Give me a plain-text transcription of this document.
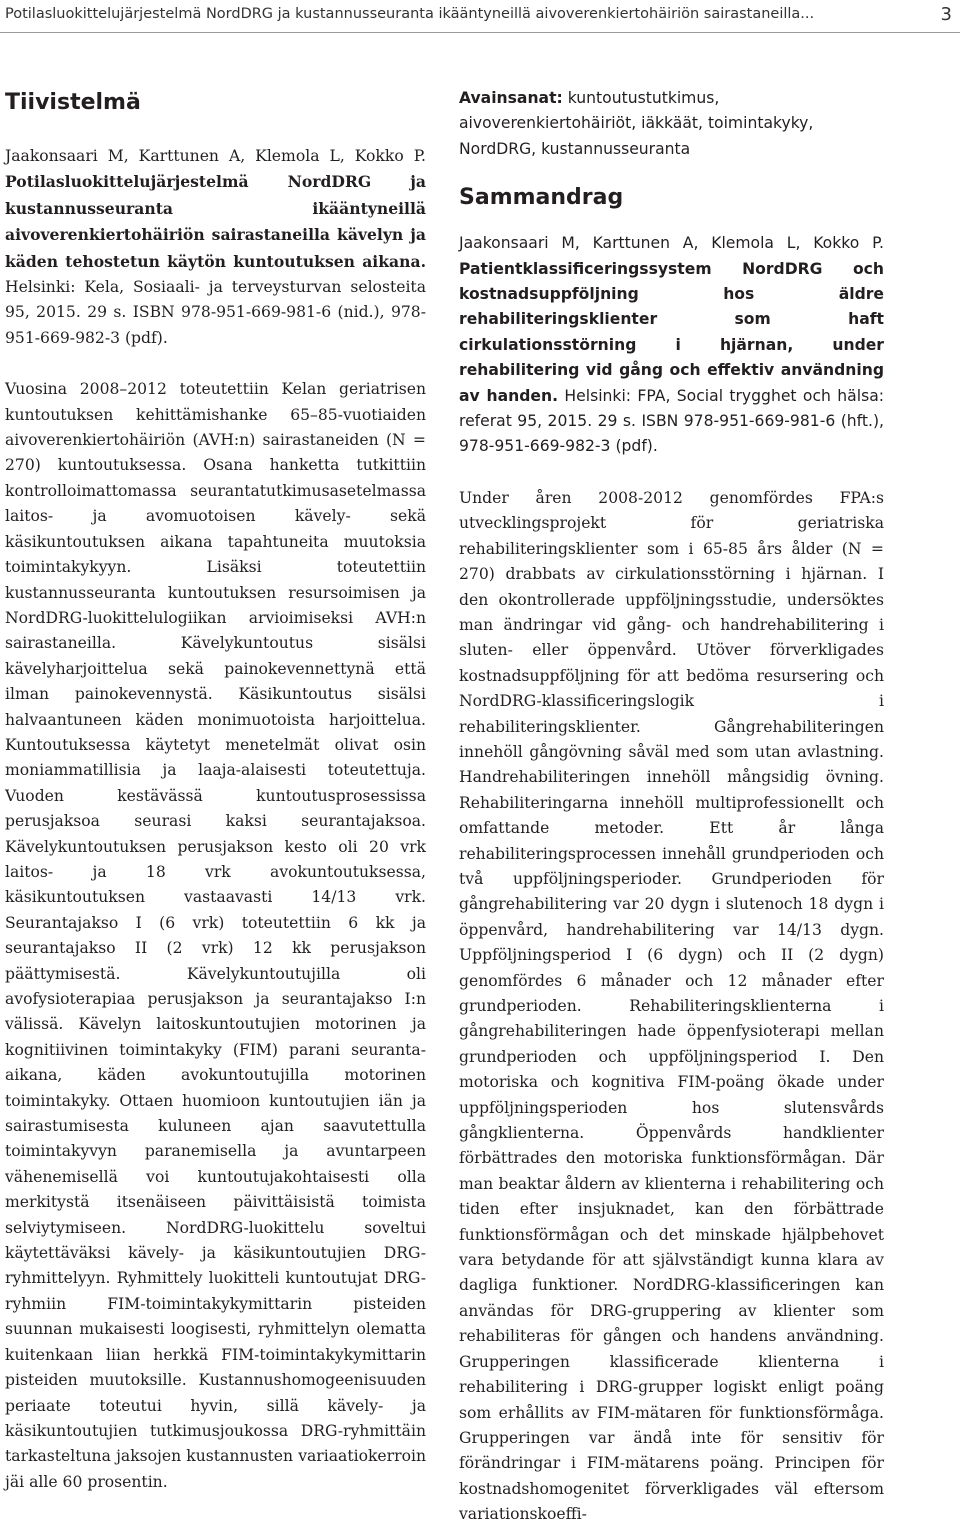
Potilasluokittelujärjestelmä NordDRG ja kustannusseuranta ikääntyneillä aivoverenkiertohäiriön sairastaneilla...	3
Tiivistelmä

Jaakonsaari M, Karttunen A, Klemola L, Kokko P. Potilasluokittelujärjestelmä NordDRG ja kustannusseuranta ikääntyneillä aivoverenkiertohäiriön sairastaneilla kävelyn ja käden tehostetun käytön kuntoutuksen aikana. Helsinki: Kela, Sosiaali- ja terveysturvan selosteita 95, 2015. 29 s. ISBN 978-951-669-981-6 (nid.), 978-951-669-982-3 (pdf).

Vuosina 2008–2012 toteutettiin Kelan geriatrisen kuntoutuksen kehittämishanke 65–85-vuotiaiden aivoverenkiertohäiriön (AVH:n) sairastaneiden (N = 270) kuntoutuksessa. Osana hanketta tutkittiin kontrolloimattomassa seurantatutkimusasetelmassa laitos- ja avomuotoisen kävely- sekä käsikuntoutuksen aikana tapahtuneita muutoksia toimintakykyyn. Lisäksi toteutettiin kustannusseuranta kuntoutuksen resursoimisen ja NordDRG-luokittelulogiikan arvioimiseksi AVH:n sairastaneilla. Kävelykuntoutus sisälsi kävelyharjoittelua sekä painokevennettynä että ilman painokevennystä. Käsikuntoutus sisälsi halvaantuneen käden monimuotoista harjoittelua. Kuntoutuksessa käytetyt menetelmät olivat osin moniammatillisia ja laaja-alaisesti toteutettuja. Vuoden kestävässä kuntoutusprosessissa perusjaksoa seurasi kaksi seurantajaksoa. Kävelykuntoutuksen perusjakson kesto oli 20 vrk laitos- ja 18 vrk avokuntoutuksessa, käsikuntoutuksen vastaavasti 14/13 vrk. Seurantajakso I (6 vrk) toteutettiin 6 kk ja seurantajakso II (2 vrk) 12 kk perusjakson päättymisestä. Kävelykuntoutujilla oli avofysioterapiaa perusjakson ja seurantajakso I:n välissä. Kävelyn laitoskuntoutujien motorinen ja kognitiivinen toimintakyky (FIM) parani seuranta-aikana, käden avokuntoutujilla motorinen toimintakyky. Ottaen huomioon kuntoutujien iän ja sairastumisesta kuluneen ajan saavutettulla toimintakyvyn paranemisella ja avuntarpeen vähenemisellä voi kuntoutujakohtaisesti olla merkitystä itsenäiseen päivittäisistä toimista selviytymiseen. NordDRG-luokittelu soveltui käytettäväksi kävely- ja käsikuntoutujien DRG-ryhmittelyyn. Ryhmittely luokitteli kuntoutujat DRG-ryhmiin FIM-toimintakykymittarin pisteiden suunnan mukaisesti loogisesti, ryhmittelyn olematta kuitenkaan liian herkkä FIM-toimintakykymittarin pisteiden muutoksille. Kustannushomogeenisuuden periaate toteutui hyvin, sillä kävely- ja käsikuntoutujien tutkimusjoukossa DRG-ryhmittäin tarkasteltuna jaksojen kustannusten variaatiokerroin jäi alle 60 prosentin.

Avainsanat: kuntoutustutkimus, aivoverenkiertohäiriöt, iäkkäät, toimintakyky, NordDRG, kustannusseuranta

Sammandrag

Jaakonsaari M, Karttunen A, Klemola L, Kokko P. Patientklassificeringssystem NordDRG och kostnadsuppföljning hos äldre rehabiliteringsklienter som haft cirkulationsstörning i hjärnan, under rehabilitering vid gång och effektiv användning av handen. Helsinki: FPA, Social trygghet och hälsa: referat 95, 2015. 29 s. ISBN 978-951-669-981-6 (hft.), 978-951-669-982-3 (pdf).

Under åren 2008-2012 genomfördes FPA:s utvecklingsprojekt för geriatriska rehabiliteringsklienter som i 65-85 års ålder (N = 270) drabbats av cirkulationsstörning i hjärnan. I den okontrollerade uppföljningsstudie, undersöktes man ändringar vid gång- och handrehabilitering i sluten- eller öppenvård. Utöver förverkligades kostnadsuppföljning för att bedöma resursering och NordDRG-klassificeringslogik i rehabiliteringsklienter. Gångrehabiliteringen innehöll gångövning såväl med som utan avlastning. Handrehabiliteringen innehöll mångsidig övning. Rehabiliteringarna innehöll multiprofessionellt och omfattande metoder. Ett år långa rehabiliteringsprocessen innehåll grundperioden och två uppföljningsperioder. Grundperioden för gångrehabilitering var 20 dygn i slutenoch 18 dygn i öppenvård, handrehabilitering var 14/13 dygn. Uppföljningsperiod I (6 dygn) och II (2 dygn) genomfördes 6 månader och 12 månader efter grundperioden. Rehabiliteringsklienterna i gångrehabiliteringen hade öppenfysioterapi mellan grundperioden och uppföljningsperiod I. Den motoriska och kognitiva FIM-poäng ökade under uppföljningsperioden hos slutensvårds gångklienterna. Öppenvårds handklienter förbättrades den motoriska funktionsförmågan. Där man beaktar åldern av klienterna i rehabilitering och tiden efter insjuknadet, kan den förbättrade funktionsförmågan och det minskade hjälpbehovet vara betydande för att självständigt kunna klara av dagliga funktioner. NordDRG-klassificeringen kan användas för DRG-gruppering av klienter som rehabiliteras för gången och handens användning. Grupperingen klassificerade klienterna i rehabilitering i DRG-grupper logiskt enligt poäng som erhållits av FIM-mätaren för funktionsförmåga. Grupperingen var ändå inte för sensitiv för förändringar i FIM-mätarens poäng. Principen för kostnadshomogenitet förverkligades väl eftersom variationskoeffi-
